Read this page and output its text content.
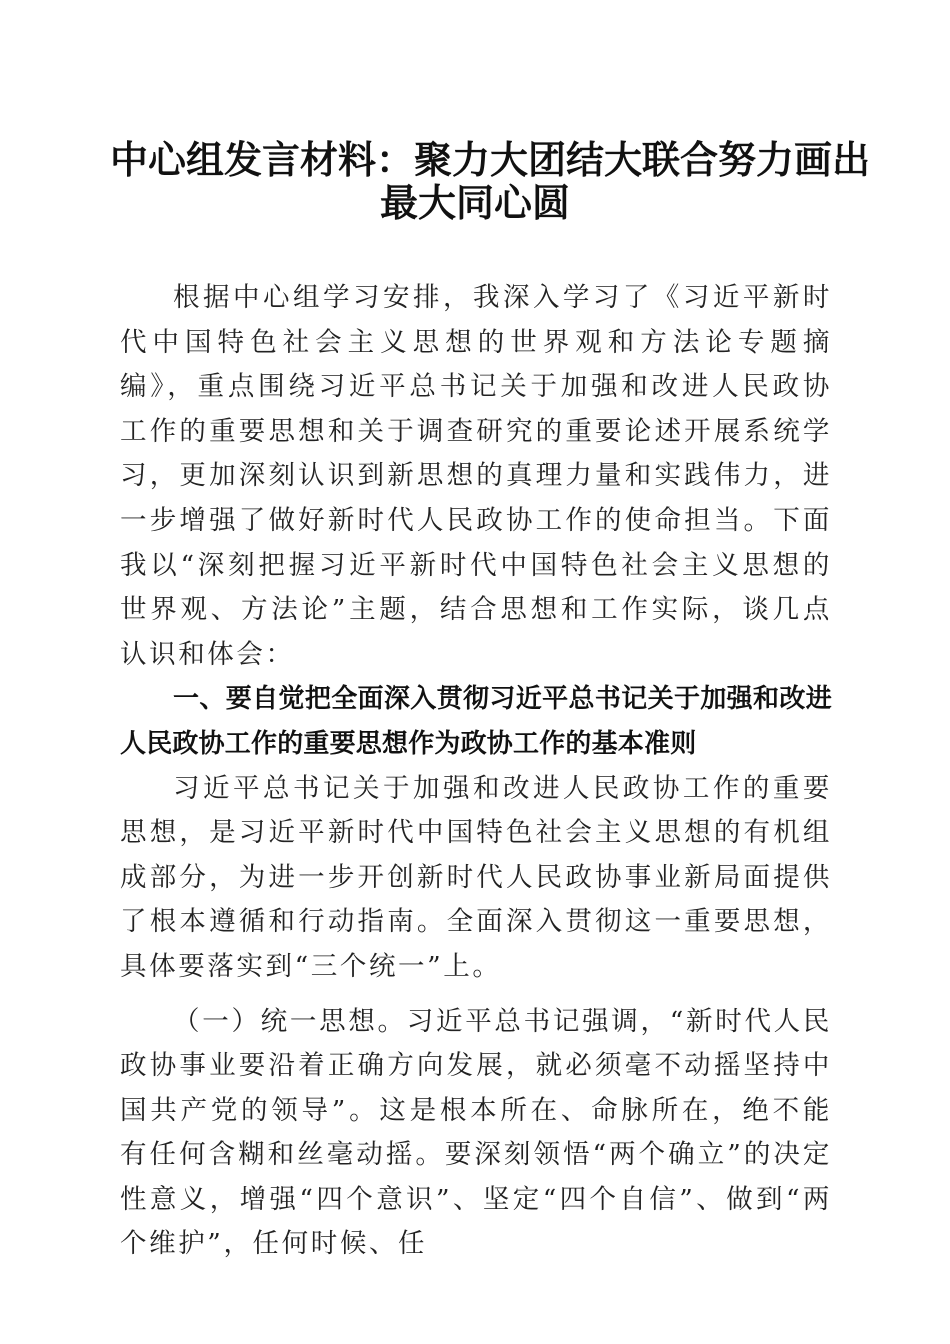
中心组发言材料：聚力大团结大联合努力画出
最大同心圆

根据中心组学习安排，我深入学习了《习近平新时代中国特色社会主义思想的世界观和方法论专题摘编》，重点围绕习近平总书记关于加强和改进人民政协工作的重要思想和关于调查研究的重要论述开展系统学习，更加深刻认识到新思想的真理力量和实践伟力，进一步增强了做好新时代人民政协工作的使命担当。下面我以“深刻把握习近平新时代中国特色社会主义思想的世界观、方法论”主题，结合思想和工作实际，谈几点认识和体会：

一、要自觉把全面深入贯彻习近平总书记关于加强和改进人民政协工作的重要思想作为政协工作的基本准则

习近平总书记关于加强和改进人民政协工作的重要思想，是习近平新时代中国特色社会主义思想的有机组成部分，为进一步开创新时代人民政协事业新局面提供了根本遵循和行动指南。全面深入贯彻这一重要思想，具体要落实到“三个统一”上。

（一）统一思想。习近平总书记强调，“新时代人民政协事业要沿着正确方向发展，就必须毫不动摇坚持中国共产党的领导”。这是根本所在、命脉所在，绝不能有任何含糊和丝毫动摇。要深刻领悟“两个确立”的决定性意义，增强“四个意识”、坚定“四个自信”、做到“两个维护”，任何时候、任
